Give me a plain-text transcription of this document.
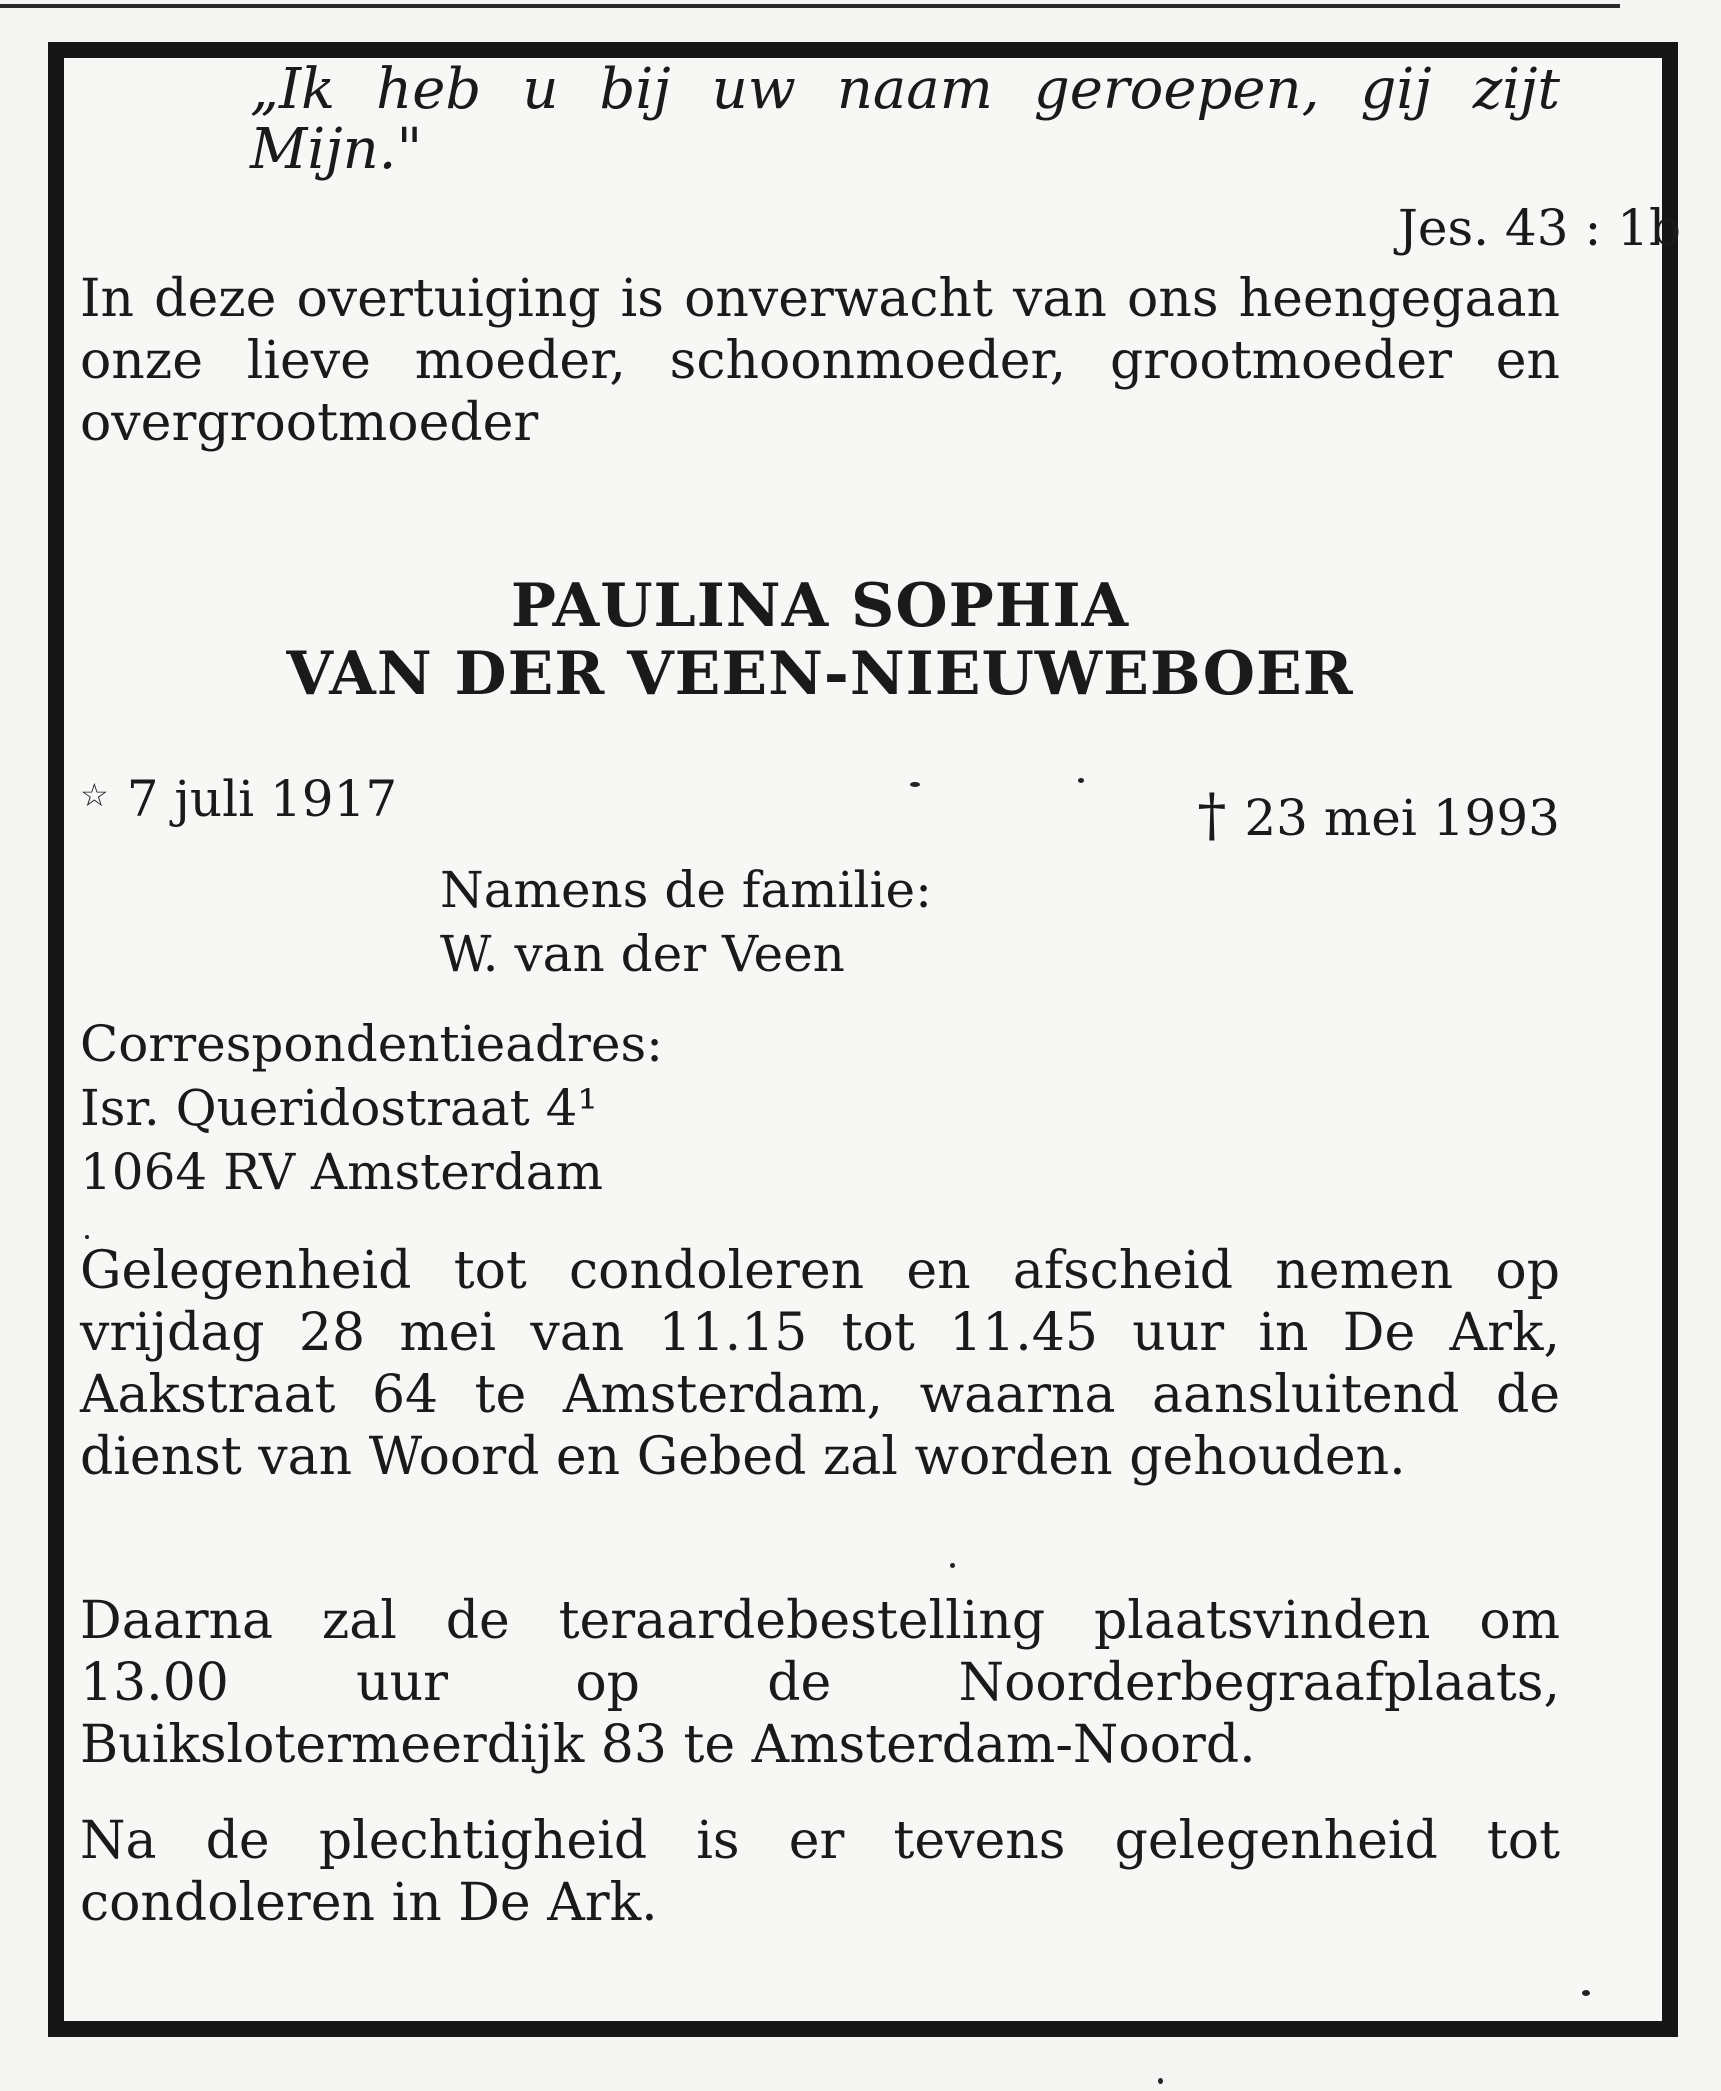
„Ik heb u bij uw naam geroepen, gij zijt Mijn."
Jes. 43 : 1b
In deze overtuiging is onverwacht van ons heengegaan onze lieve moeder, schoonmoeder, grootmoeder en overgrootmoeder
PAULINA SOPHIA
VAN DER VEEN-NIEUWEBOER
☆ 7 juli 1917	† 23 mei 1993
Namens de familie:
W. van der Veen
Correspondentieadres:
Isr. Queridostraat 4¹
1064 RV Amsterdam
Gelegenheid tot condoleren en afscheid nemen op vrijdag 28 mei van 11.15 tot 11.45 uur in De Ark, Aakstraat 64 te Amsterdam, waarna aansluitend de dienst van Woord en Gebed zal worden gehouden.
Daarna zal de teraardebestelling plaatsvinden om 13.00 uur op de Noorderbegraafplaats, Buikslotermeerdijk 83 te Amsterdam-Noord.
Na de plechtigheid is er tevens gelegenheid tot condoleren in De Ark.
